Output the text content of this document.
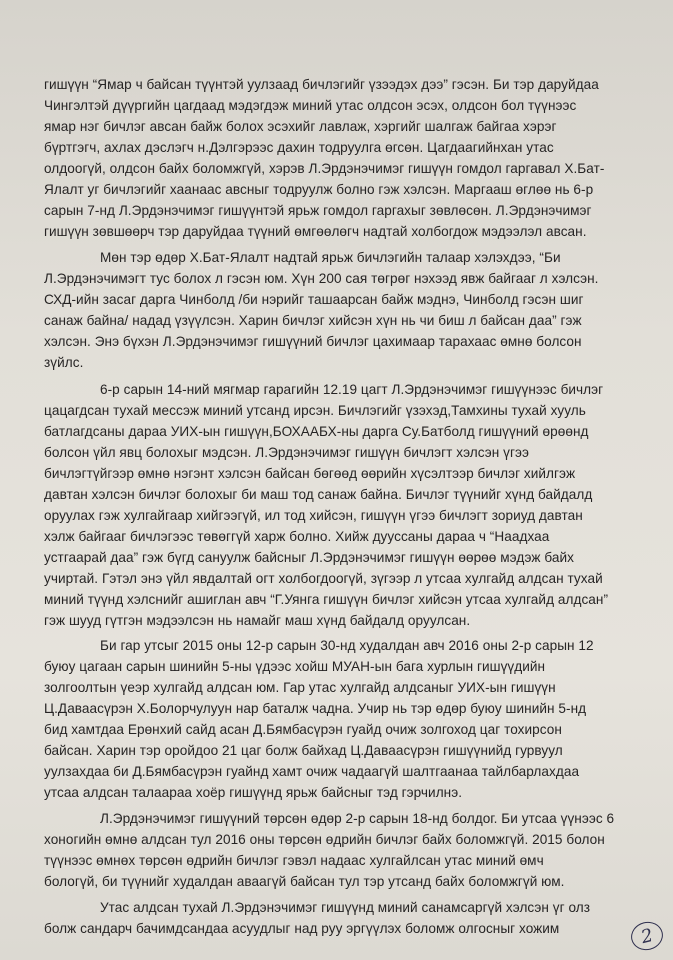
гишүүн “Ямар ч байсан түүнтэй уулзаад бичлэгийг үзээдэх дээ” гэсэн. Би тэр даруйдаа
Чингэлтэй дүүргийн цагдаад мэдэгдэж миний утас олдсон эсэх, олдсон бол түүнээс
ямар нэг бичлэг авсан байж болох эсэхийг лавлаж, хэргийг шалгаж байгаа хэрэг
бүртгэгч, ахлах дэслэгч н.Дэлгэрээс дахин тодруулга өгсөн. Цагдаагийнхан утас
олдоогүй, олдсон байх боломжгүй, хэрэв Л.Эрдэнэчимэг гишүүн гомдол гаргавал Х.Бат-
Ялалт уг бичлэгийг хаанаас авсныг тодруулж болно гэж хэлсэн. Маргааш өглөө нь 6-р
сарын 7-нд Л.Эрдэнэчимэг гишүүнтэй ярьж гомдол гаргахыг зөвлөсөн. Л.Эрдэнэчимэг
гишүүн зөвшөөрч тэр даруйдаа түүний өмгөөлөгч надтай холбогдож мэдээлэл авсан.
Мөн тэр өдөр Х.Бат-Ялалт надтай ярьж бичлэгийн талаар хэлэхдээ, “Би
Л.Эрдэнэчимэгт тус болох л гэсэн юм. Хүн 200 сая төгрөг нэхээд явж байгааг л хэлсэн.
СХД-ийн засаг дарга Чинболд /би нэрийг ташаарсан байж мэднэ, Чинболд гэсэн шиг
санаж байна/ надад үзүүлсэн. Харин бичлэг хийсэн хүн нь чи биш л байсан даа” гэж
хэлсэн. Энэ бүхэн Л.Эрдэнэчимэг гишүүний бичлэг цахимаар тарахаас өмнө болсон
зүйлс.
6-р сарын 14-ний мягмар гарагийн 12.19 цагт Л.Эрдэнэчимэг гишүүнээс бичлэг
цацагдсан тухай мессэж миний утсанд ирсэн. Бичлэгийг үзэхэд,Тамхины тухай хууль
батлагдсаны дараа УИХ-ын гишүүн,БОХААБХ-ны дарга Су.Батболд гишүүний өрөөнд
болсон үйл явц болохыг мэдсэн. Л.Эрдэнэчимэг гишүүн бичлэгт хэлсэн үгээ
бичлэгтүйгээр өмнө нэгэнт хэлсэн байсан бөгөөд өөрийн хүсэлтээр бичлэг хийлгэж
давтан хэлсэн бичлэг болохыг би маш тод санаж байна. Бичлэг түүнийг хүнд байдалд
оруулах гэж хулгайгаар хийгээгүй, ил тод хийсэн, гишүүн үгээ бичлэгт зориуд давтан
хэлж байгааг бичлэгээс төвөггүй харж болно. Хийж дууссаны дараа ч “Наадхаа
устгаарай даа” гэж бүгд сануулж байсныг Л.Эрдэнэчимэг гишүүн өөрөө мэдэж байх
учиртай. Гэтэл энэ үйл явдалтай огт холбогдоогүй, зүгээр л утсаа хулгайд алдсан тухай
миний түүнд хэлснийг ашиглан авч “Г.Уянга гишүүн бичлэг хийсэн утсаа хулгайд алдсан”
гэж шууд гүтгэн мэдээлсэн нь намайг маш хүнд байдалд оруулсан.
Би гар утсыг 2015 оны 12-р сарын 30-нд худалдан авч 2016 оны 2-р сарын 12
буюу цагаан сарын шинийн 5-ны үдээс хойш МУАН-ын бага хурлын гишүүдийн
золгоолтын үеэр хулгайд алдсан юм. Гар утас хулгайд алдсаныг УИХ-ын гишүүн
Ц.Даваасүрэн Х.Болорчулуун нар баталж чадна. Учир нь тэр өдөр буюу шинийн 5-нд
бид хамтдаа Ерөнхий сайд асан Д.Бямбасүрэн гуайд очиж золгоход цаг тохирсон
байсан. Харин тэр оройдоо 21 цаг болж байхад Ц.Даваасүрэн гишүүнийд гурвуул
уулзахдаа би Д.Бямбасүрэн гуайнд хамт очиж чадаагүй шалтгаанаа тайлбарлахдаа
утсаа алдсан талаараа хоёр гишүүнд ярьж байсныг тэд гэрчилнэ.
Л.Эрдэнэчимэг гишүүний төрсөн өдөр 2-р сарын 18-нд болдог. Би утсаа үүнээс 6
хоногийн өмнө алдсан тул 2016 оны төрсөн өдрийн бичлэг байх боломжгүй. 2015 болон
түүнээс өмнөх төрсөн өдрийн бичлэг гэвэл надаас хулгайлсан утас миний өмч
бологүй, би түүнийг худалдан аваагүй байсан тул тэр утсанд байх боломжгүй юм.
Утас алдсан тухай Л.Эрдэнэчимэг гишүүнд миний санамсаргүй хэлсэн үг олз
болж сандарч бачимдсандаа асуудлыг над руу эргүүлэх боломж олгосныг хожим	2
